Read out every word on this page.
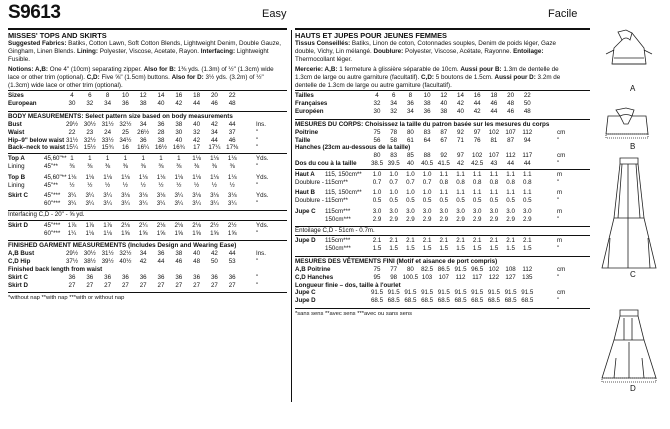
S9613	Easy	Facile
MISSES' TOPS AND SKIRTS
Suggested Fabrics: Batiks, Cotton Lawn, Soft Cotton Blends, Lightweight Denim, Double Gauze, Gingham, Linen Blends. Lining: Polyester, Viscose, Acetate, Rayon. Interfacing: Lightweight Fusible.
Notions: A,B: One 4" (10cm) separating zipper. Also for B: 1⅜ yds. (1.3m) of ½" (1.3cm) wide lace or other trim (optional). C,D: Five ⅝" (1.5cm) buttons. Also for D: 3½ yds. (3.2m) of ½" (1.3cm) wide lace or other trim (optional).
Sizes	4	6	8	10	12	14	16	18	20	22
European	30	32	34	36	38	40	42	44	46	48
BODY MEASUREMENTS: Select pattern size based on body measurements
Bust	29½ 30½ 31½ 32½	34	36	38	40	42	44	Ins.
Waist	22	23	24	25	26½	28	30	32	34	37	"
Hip–9" below waist 31½ 32½ 33½ 34½	36	38	40	42	44	46	"
Back–neck to waist 15¼ 15½ 15¾	16	16¼ 16½ 16¾	17	17¼ 17⅜	"
Top A	45,60"** 1	1	1	1	1	1	1	1⅛	1⅛	1⅛	Yds.
Lining	45"**	⅜	⅜	⅜	⅜	⅜	⅜	⅜	⅜	⅜	⅜	"
Top B	45,60"** 1⅛	1⅛	1⅛	1⅛	1⅛	1⅛	1⅛	1⅛	1⅛	1⅛	Yds.
Lining	45"**	½	½	½	½	½	½	½	½	½	½	"
Skirt C	45"***	3¼	3¼	3¼	3⅛	3⅛	3⅛	3¼	3⅛	3⅛	3⅛	Yds.
60"***	3¼	3¼	3¼	3¼	3¼	3¼	3¼	3¼	3¼	3¼	"
Interfacing C,D - 20" - ⅝ yd.
Skirt D	45"***	1⅞	1⅞	1⅞	2⅛	2¼	2⅛	2⅛	2⅛	2½	2½	Yds.
60"***	1¼	1⅛	1⅛	1⅝	1⅝	1⅝	1⅝	1⅝	1⅝	1⅝	"
FINISHED GARMENT MEASUREMENTS (Includes Design and Wearing Ease)
A,B Bust	29½ 30½ 31½ 32½	34	36	38	40	42	44	Ins.
C,D Hip	37½ 38½ 39½ 40½	42	44	46	48	50	53	"
Finished back length from waist
Skirt C	36	36	36	36	36	36	36	36	36	36	"
Skirt D	27	27	27	27	27	27	27	27	27	27	"
*without nap **with nap ***with or without nap
HAUTS ET JUPES POUR JEUNES FEMMES
Tissus Conseillés: Batiks, Linon de coton, Cotonnades souples, Denim de poids léger, Gaze double, Vichy, Lin mélangé. Doublure: Polyester, Viscose, Acétate, Rayonne. Entoilage: Thermocollant léger.
Mercerie: A,B: 1 fermeture à glissière séparable de 10cm. Aussi pour B: 1.3m de dentelle de 1.3cm de large ou autre garniture (facultatif). C,D: 5 boutons de 1.5cm. Aussi pour D: 3.2m de dentelle de 1.3cm de large ou autre garniture (facultatif).
Tailles	4	6	8	10	12	14	16	18	20	22
Françaises	32	34	36	38	40	42	44	46	48	50
Européen	30	32	34	36	38	40	42	44	46	48
MESURES DU CORPS: Choisissez la taille du patron basée sur les mesures du corps
Poitrine	75	78	80	83	87	92	97	102	107	112	cm
Taille	56	58	61	64	67	71	76	81	87	94	"
Hanches (23cm au-dessous de la taille)
80	83	85	88	92	97	102	107	112	117	cm
Dos du cou à la taille	38.5 39.5	40	40.5 41.5	42	42.5	43	44	44	"
Haut A 115, 150cm**	1.0	1.0	1.0	1.0	1.1	1.1	1.1	1.1	1.1	1.1	m
Doublure - 115cm**	0.7	0.7	0.7	0.7	0.8	0.8	0.8	0.8	0.8	0.8	"
Haut B 115, 150cm**	1.0	1.0	1.0	1.0	1.1	1.1	1.1	1.1	1.1	1.1	m
Doublure - 115cm**	0.5	0.5	0.5	0.5	0.5	0.5	0.5	0.5	0.5	0.5	"
Jupe C 115cm***	3.0	3.0	3.0	3.0	3.0	3.0	3.0	3.0	3.0	3.0	m
150cm***	2.9	2.9	2.9	2.9	2.9	2.9	2.9	2.9	2.9	2.9	"
Entoilage C,D - 51cm - 0.7m.
Jupe D 115cm***	2.1	2.1	2.1	2.1	2.1	2.1	2.1	2.1	2.1	2.1	m
150cm***	1.5	1.5	1.5	1.5	1.5	1.5	1.5	1.5	1.5	1.5	"
MESURES DES VÊTEMENTS FINI (Motif et aisance de port compris)
A,B Poitrine	75	77	80	82.5 86.5 91.5 96.5 102	108	112	cm
C,D Hanches	95	98 100.5 103	107	112	117	122	127	135	"
Longueur finie – dos, taille à l'ourlet
Jupe C	91.5 91.5 91.5 91.5 91.5 91.5 91.5 91.5 91.5 91.5	cm
Jupe D	68.5 68.5 68.5 68.5 68.5 68.5 68.5 68.5 68.5 68.5	"
*sans sens **avec sens ***avec ou sans sens
A
B
C
D
